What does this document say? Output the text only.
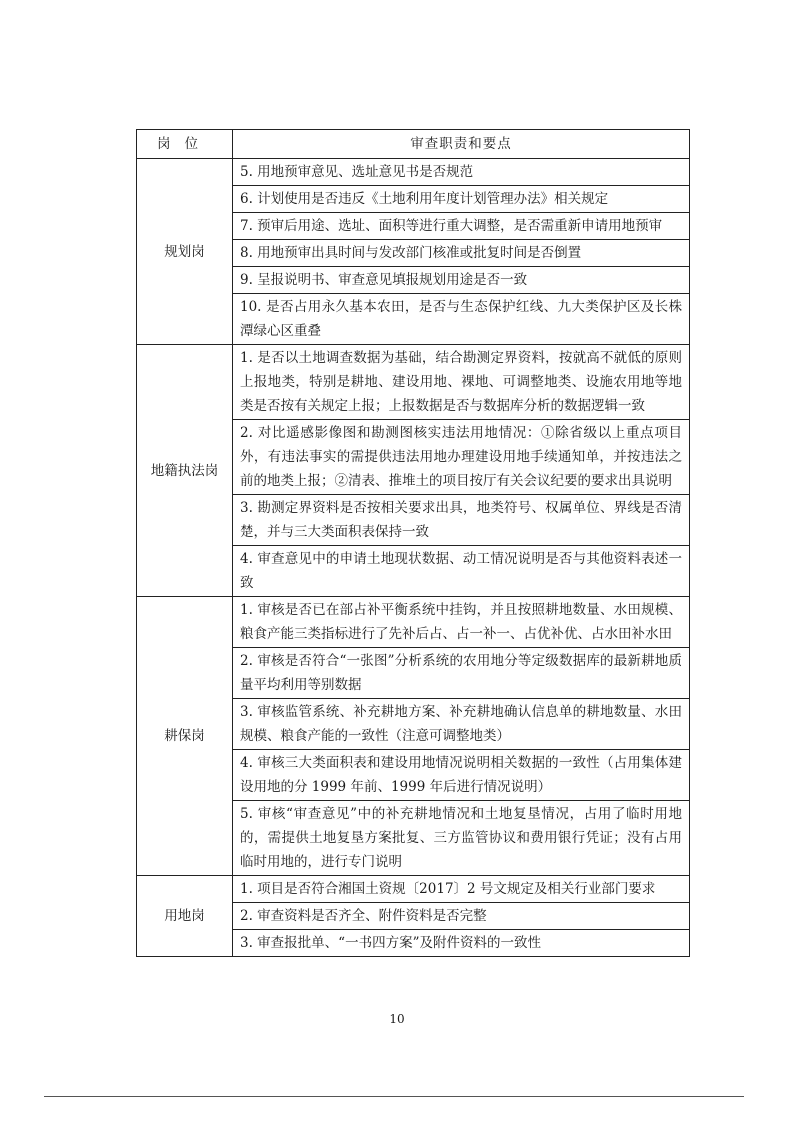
岗位	审查职责和要点
规划岗	5. 用地预审意见、选址意见书是否规范
	6. 计划使用是否违反《土地利用年度计划管理办法》相关规定
	7. 预审后用途、选址、面积等进行重大调整，是否需重新申请用地预审
	8. 用地预审出具时间与发改部门核准或批复时间是否倒置
	9. 呈报说明书、审查意见填报规划用途是否一致
	10. 是否占用永久基本农田，是否与生态保护红线、九大类保护区及长株潭绿心区重叠
地籍执法岗	1. 是否以土地调查数据为基础，结合勘测定界资料，按就高不就低的原则上报地类，特别是耕地、建设用地、裸地、可调整地类、设施农用地等地类是否按有关规定上报；上报数据是否与数据库分析的数据逻辑一致
	2. 对比遥感影像图和勘测图核实违法用地情况：①除省级以上重点项目外，有违法事实的需提供违法用地办理建设用地手续通知单，并按违法之前的地类上报；②清表、推堆土的项目按厅有关会议纪要的要求出具说明
	3. 勘测定界资料是否按相关要求出具，地类符号、权属单位、界线是否清楚，并与三大类面积表保持一致
	4. 审查意见中的申请土地现状数据、动工情况说明是否与其他资料表述一致
耕保岗	1. 审核是否已在部占补平衡系统中挂钩，并且按照耕地数量、水田规模、粮食产能三类指标进行了先补后占、占一补一、占优补优、占水田补水田
	2. 审核是否符合“一张图”分析系统的农用地分等定级数据库的最新耕地质量平均利用等别数据
	3. 审核监管系统、补充耕地方案、补充耕地确认信息单的耕地数量、水田规模、粮食产能的一致性（注意可调整地类）
	4. 审核三大类面积表和建设用地情况说明相关数据的一致性（占用集体建设用地的分 1999 年前、1999 年后进行情况说明）
	5. 审核“审查意见”中的补充耕地情况和土地复垦情况，占用了临时用地的，需提供土地复垦方案批复、三方监管协议和费用银行凭证；没有占用临时用地的，进行专门说明
用地岗	1. 项目是否符合湘国土资规〔2017〕2 号文规定及相关行业部门要求
	2. 审查资料是否齐全、附件资料是否完整
	3. 审查报批单、“一书四方案”及附件资料的一致性
10
